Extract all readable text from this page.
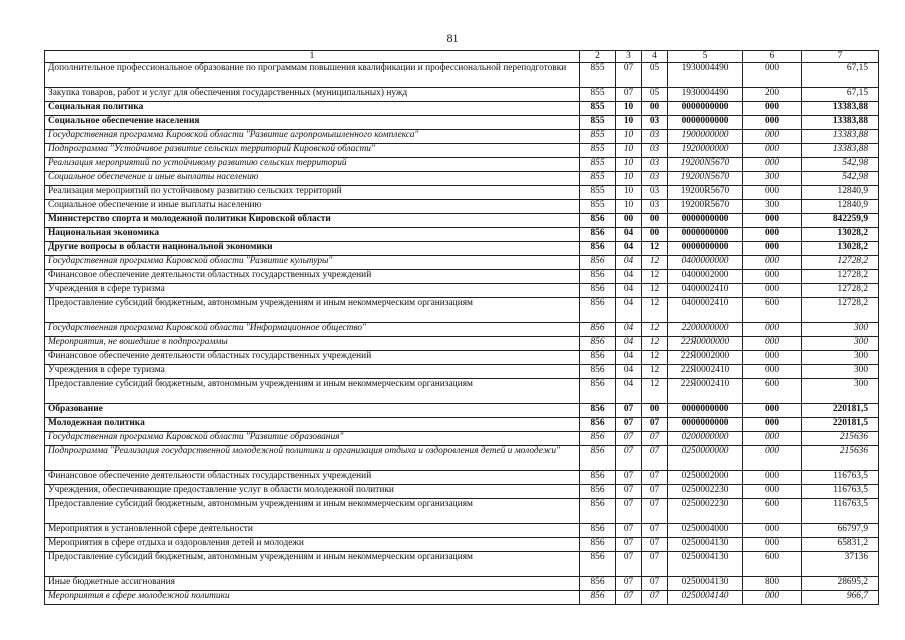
81
1	2	3	4	5	6	7
Дополнительное профессиональное образование по программам повышения квалификации и профессиональной переподготовки	855	07	05	1930004490	000	67,15
Закупка товаров, работ и услуг для обеспечения государственных (муниципальных) нужд	855	07	05	1930004490	200	67,15
Социальная политика	855	10	00	0000000000	000	13383,88
Социальное обеспечение населения	855	10	03	0000000000	000	13383,88
Государственная программа Кировской области "Развитие агропромышленного комплекса"	855	10	03	1900000000	000	13383,88
Подпрограмма "Устойчивое развитие сельских территорий Кировской области"	855	10	03	1920000000	000	13383,88
Реализация мероприятий по устойчивому развитию сельских территорий	855	10	03	19200N5670	000	542,98
Социальное обеспечение и иные выплаты населению	855	10	03	19200N5670	300	542,98
Реализация мероприятий по устойчивому развитию сельских территорий	855	10	03	19200R5670	000	12840,9
Социальное обеспечение и иные выплаты населению	855	10	03	19200R5670	300	12840,9
Министерство спорта и молодежной политики Кировской области	856	00	00	0000000000	000	842259,9
Национальная экономика	856	04	00	0000000000	000	13028,2
Другие вопросы в области национальной экономики	856	04	12	0000000000	000	13028,2
Государственная программа Кировской области "Развитие культуры"	856	04	12	0400000000	000	12728,2
Финансовое обеспечение деятельности областных государственных учреждений	856	04	12	0400002000	000	12728,2
Учреждения в сфере туризма	856	04	12	0400002410	000	12728,2
Предоставление субсидий бюджетным, автономным учреждениям и иным некоммерческим организациям	856	04	12	0400002410	600	12728,2
Государственная программа Кировской области "Информационное общество"	856	04	12	2200000000	000	300
Мероприятия, не вошедшие в подпрограммы	856	04	12	22Я0000000	000	300
Финансовое обеспечение деятельности областных государственных учреждений	856	04	12	22Я0002000	000	300
Учреждения в сфере туризма	856	04	12	22Я0002410	000	300
Предоставление субсидий бюджетным, автономным учреждениям и иным некоммерческим организациям	856	04	12	22Я0002410	600	300
Образование	856	07	00	0000000000	000	220181,5
Молодежная политика	856	07	07	0000000000	000	220181,5
Государственная программа Кировской области "Развитие образования"	856	07	07	0200000000	000	215636
Подпрограмма "Реализация государственной молодежной политики и организация отдыха и оздоровления детей и молодежи"	856	07	07	0250000000	000	215636
Финансовое обеспечение деятельности областных государственных учреждений	856	07	07	0250002000	000	116763,5
Учреждения, обеспечивающие предоставление услуг в области молодежной политики	856	07	07	0250002230	000	116763,5
Предоставление субсидий бюджетным, автономным учреждениям и иным некоммерческим организациям	856	07	07	0250002230	600	116763,5
Мероприятия в установленной сфере деятельности	856	07	07	0250004000	000	66797,9
Мероприятия в сфере отдыха и оздоровления детей и молодежи	856	07	07	0250004130	000	65831,2
Предоставление субсидий бюджетным, автономным учреждениям и иным некоммерческим организациям	856	07	07	0250004130	600	37136
Иные бюджетные ассигнования	856	07	07	0250004130	800	28695,2
Мероприятия в сфере молодежной политики	856	07	07	0250004140	000	966,7
